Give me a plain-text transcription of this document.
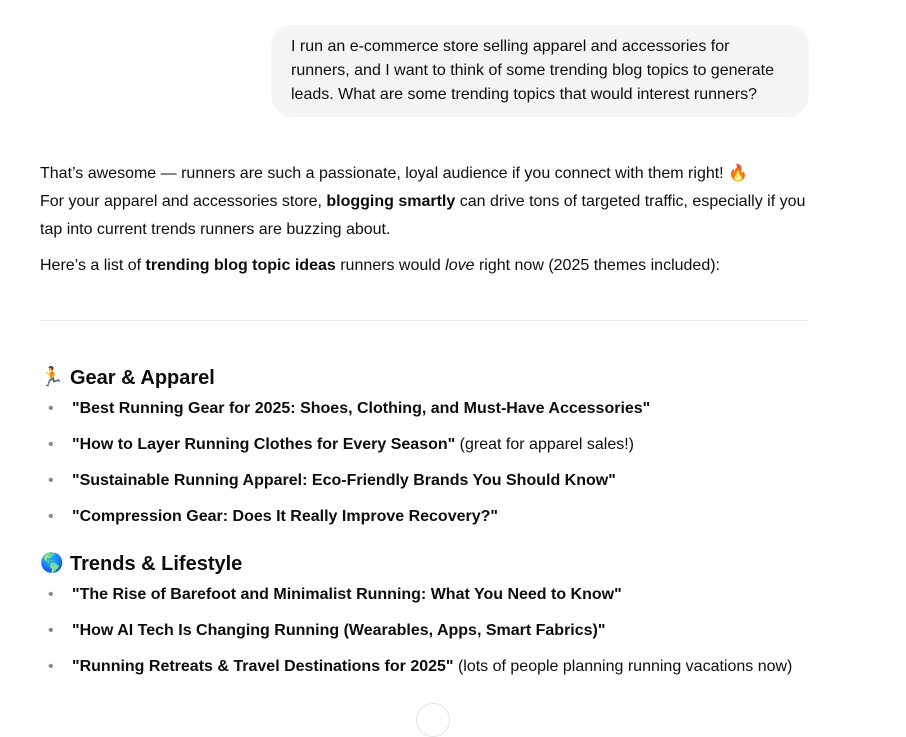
I run an e-commerce store selling apparel and accessories for runners, and I want to think of some trending blog topics to generate leads. What are some trending topics that would interest runners?

That’s awesome — runners are such a passionate, loyal audience if you connect with them right! 🔥
For your apparel and accessories store, blogging smartly can drive tons of targeted traffic, especially if you tap into current trends runners are buzzing about.

Here’s a list of trending blog topic ideas runners would love right now (2025 themes included):

🏃 Gear & Apparel
• "Best Running Gear for 2025: Shoes, Clothing, and Must-Have Accessories"
• "How to Layer Running Clothes for Every Season" (great for apparel sales!)
• "Sustainable Running Apparel: Eco-Friendly Brands You Should Know"
• "Compression Gear: Does It Really Improve Recovery?"
🌎 Trends & Lifestyle
• "The Rise of Barefoot and Minimalist Running: What You Need to Know"
• "How AI Tech Is Changing Running (Wearables, Apps, Smart Fabrics)"
• "Running Retreats & Travel Destinations for 2025" (lots of people planning running vacations now)
